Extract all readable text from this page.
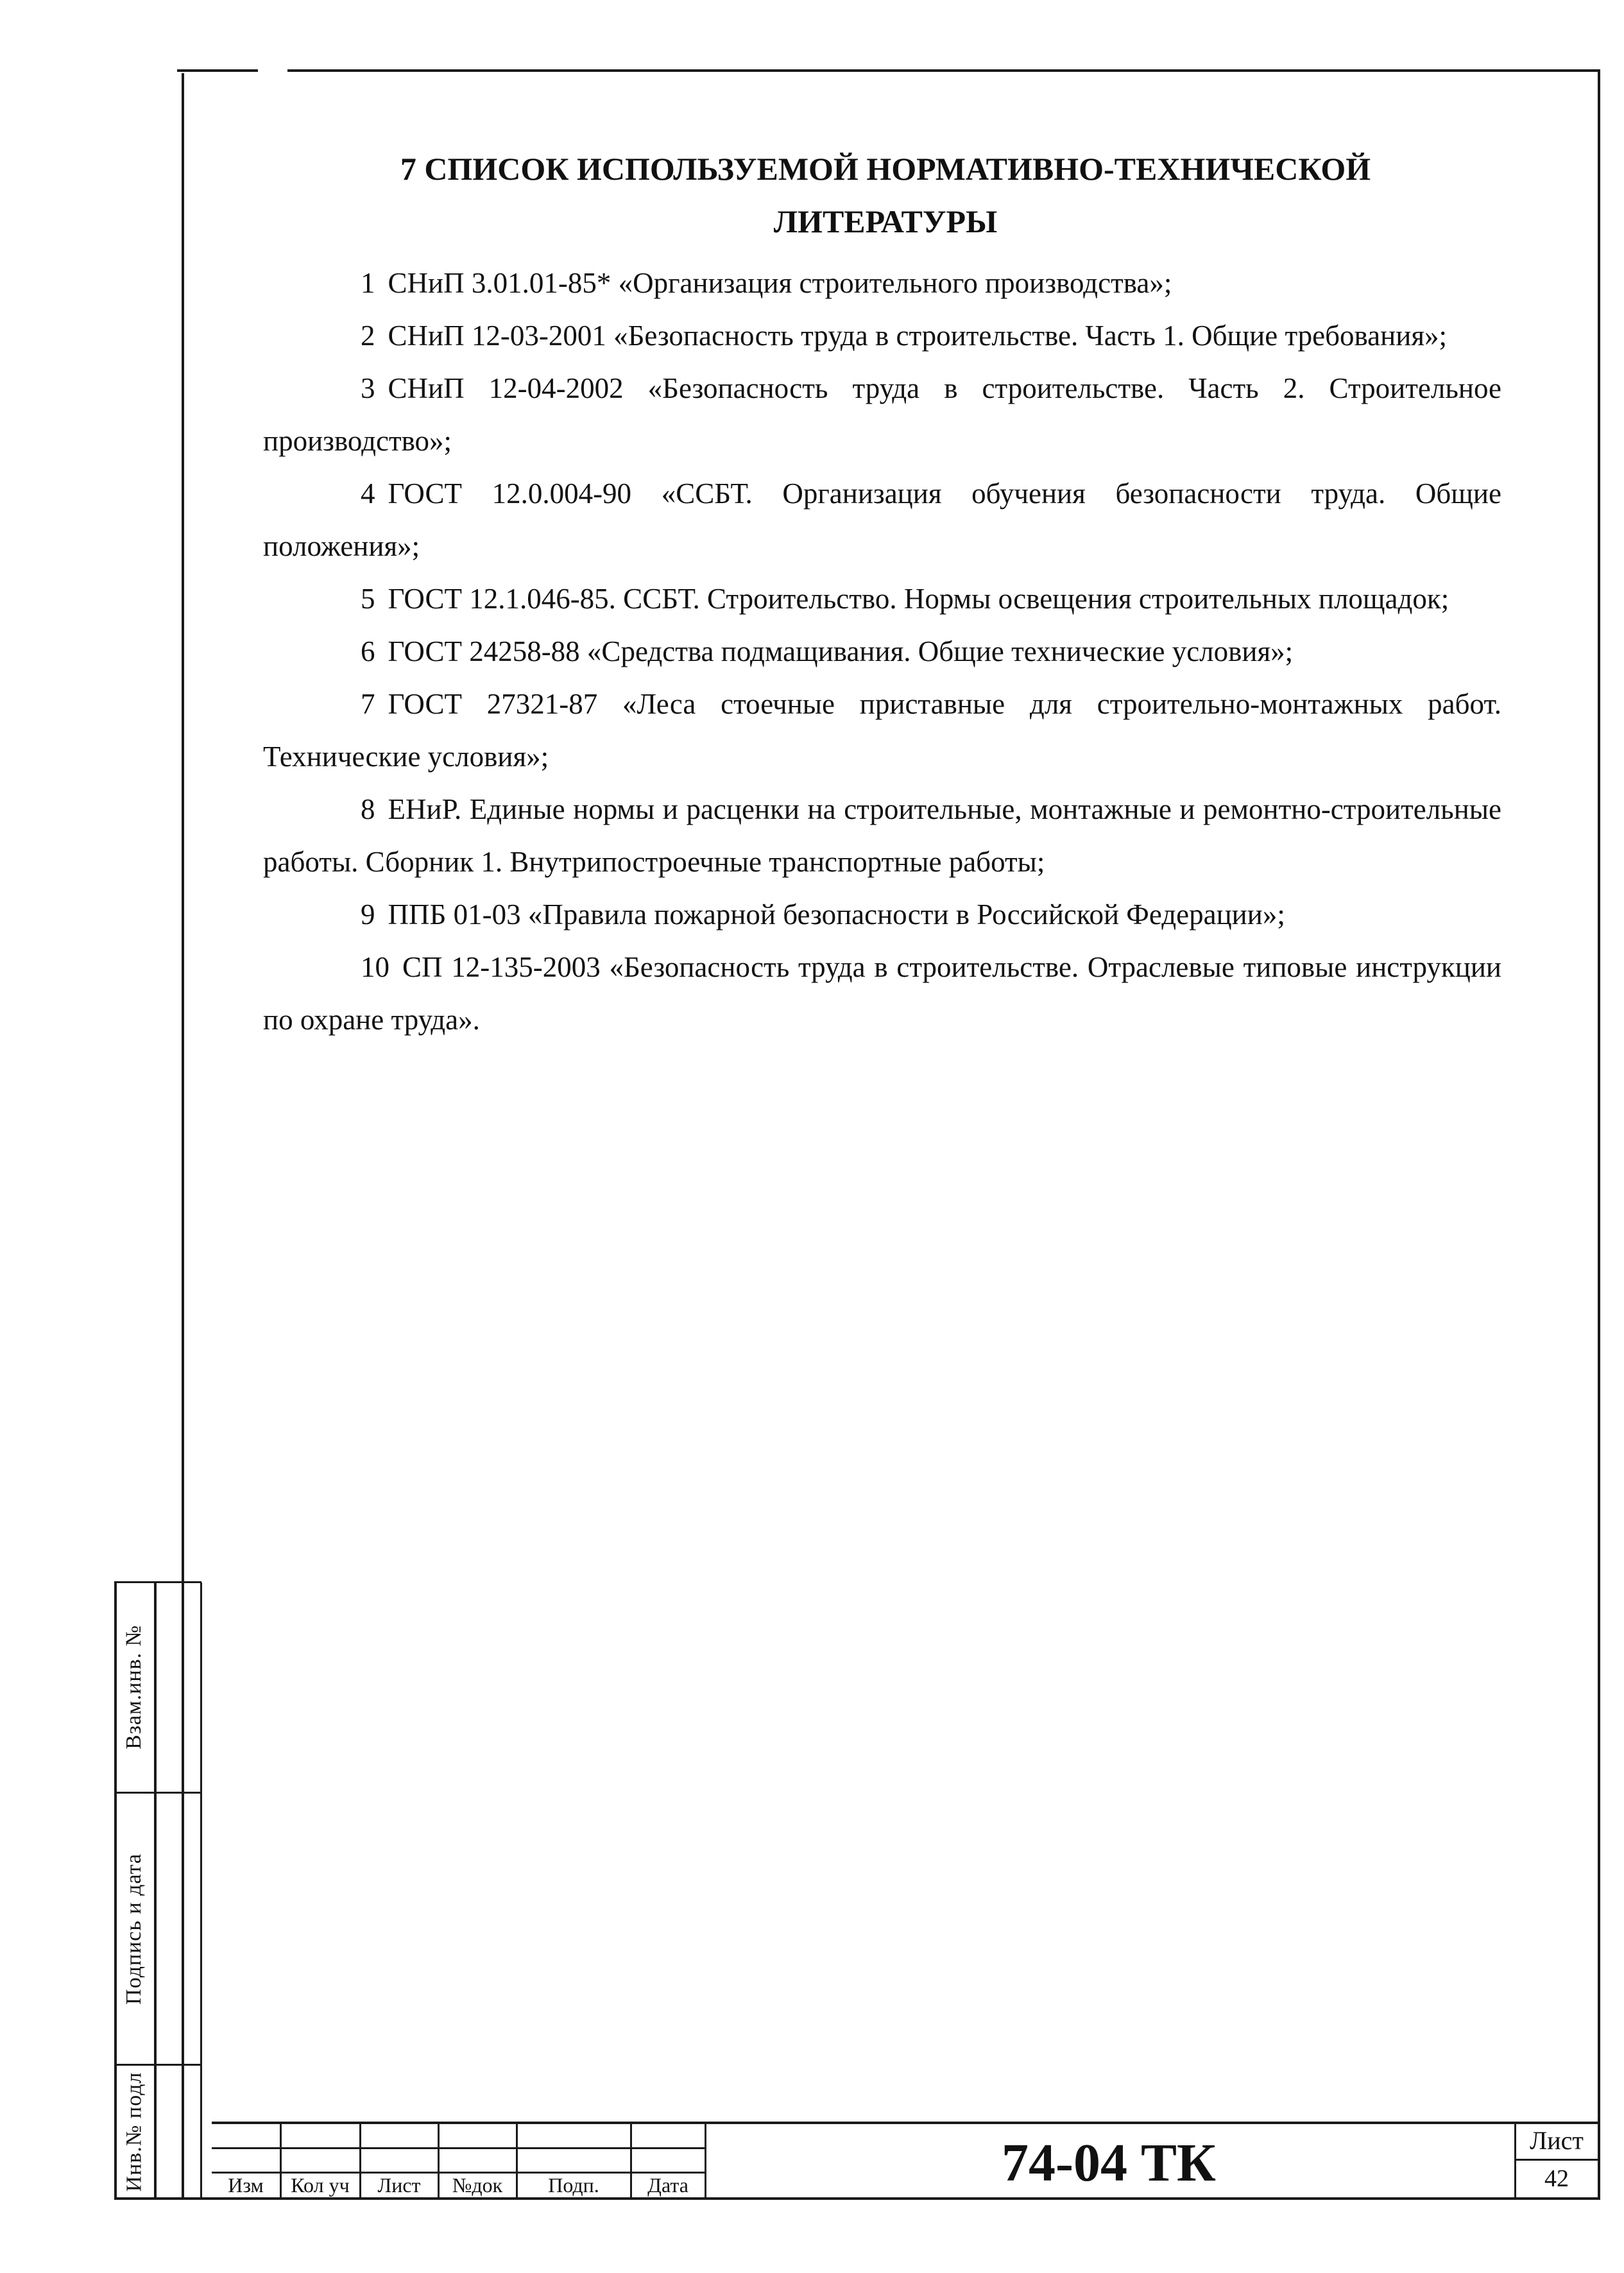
Взам.инв. №
Подпись и дата
Инв.№ подл
7 СПИСОК ИСПОЛЬЗУЕМОЙ НОРМАТИВНО-ТЕХНИЧЕСКОЙ
ЛИТЕРАТУРЫ

1 СНиП 3.01.01-85* «Организация строительного производства»;

2 СНиП 12-03-2001 «Безопасность труда в строительстве. Часть 1. Общие требования»;

3 СНиП 12-04-2002 «Безопасность труда в строительстве. Часть 2. Строительное производство»;

4 ГОСТ 12.0.004-90 «ССБТ. Организация обучения безопасности труда. Общие положения»;

5 ГОСТ 12.1.046-85. ССБТ. Строительство. Нормы освещения строительных площадок;

6 ГОСТ 24258-88 «Средства подмащивания. Общие технические условия»;

7 ГОСТ 27321-87 «Леса стоечные приставные для строительно-монтажных работ. Технические условия»;

8 ЕНиР. Единые нормы и расценки на строительные, монтажные и ремонтно-строительные работы. Сборник 1. Внутрипостроечные транспортные работы;

9 ППБ 01-03 «Правила пожарной безопасности в Российской Федерации»;

10 СП 12-135-2003 «Безопасность труда в строительстве. Отраслевые типовые инструкции по охране труда».

Изм	Кол уч	Лист	№док	Подп.	Дата	74-04 ТК	Лист
42
